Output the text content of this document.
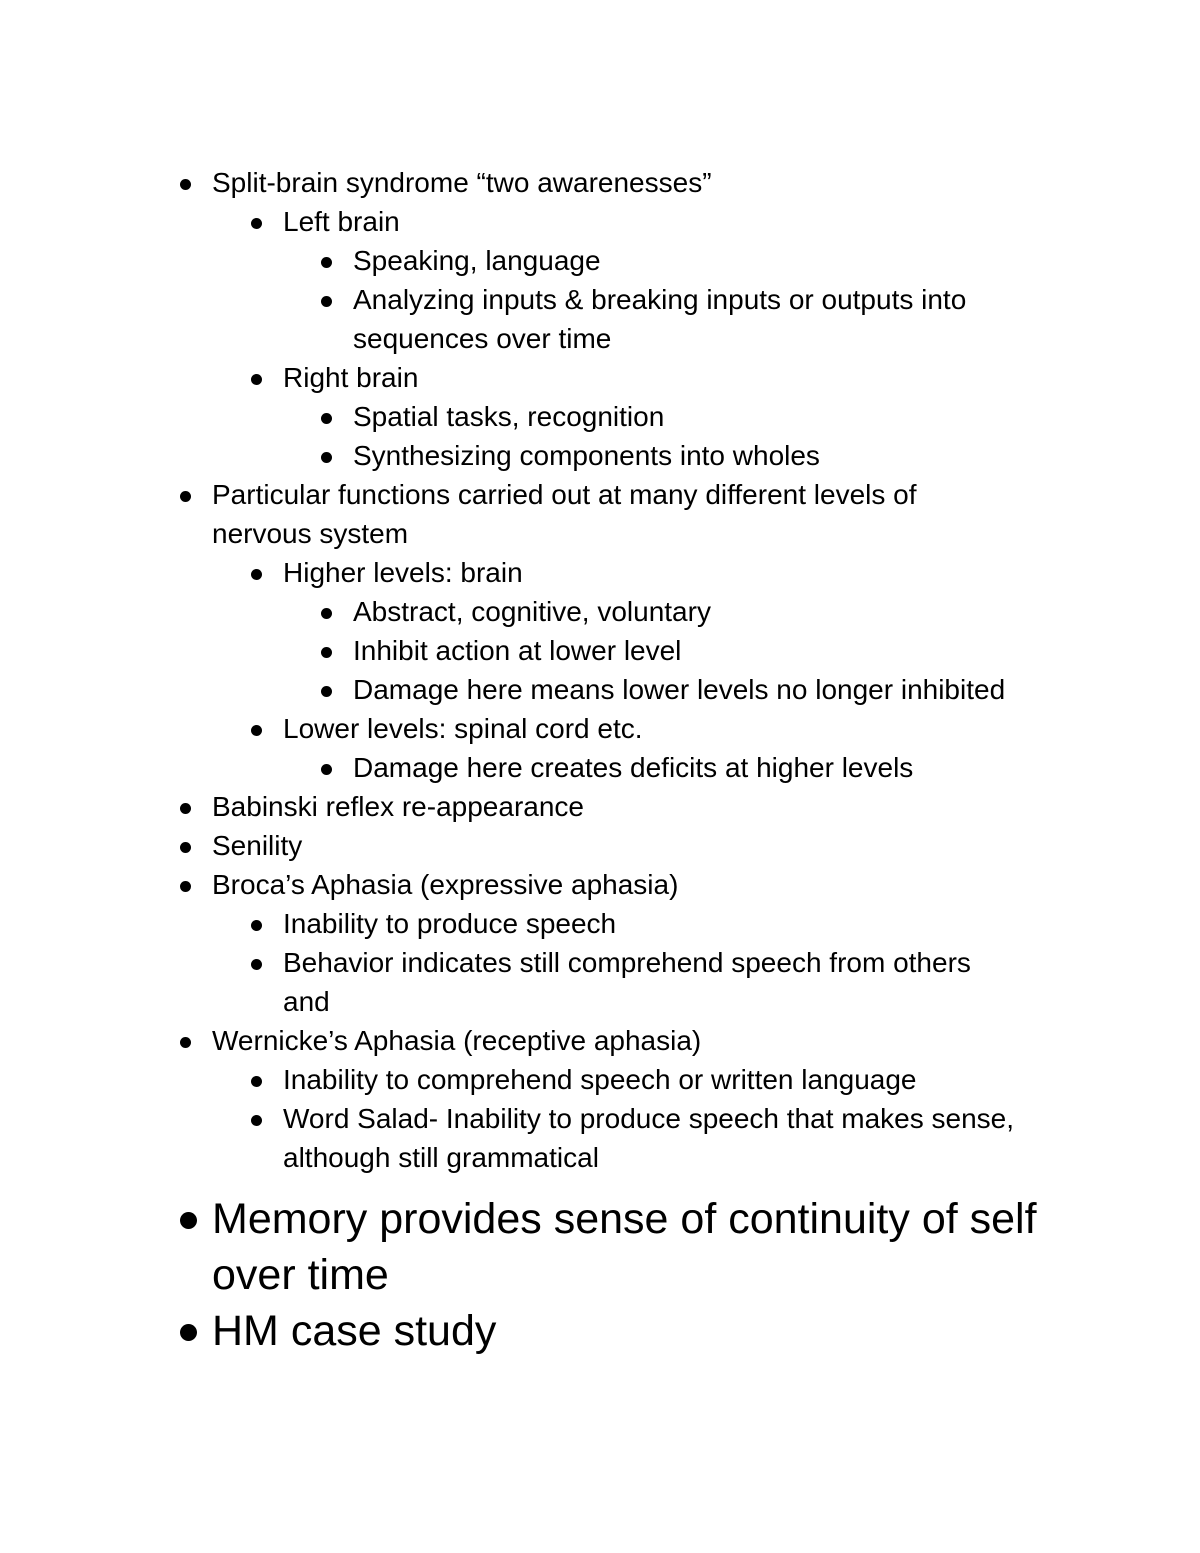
Split-brain syndrome “two awarenesses”
Left brain
Speaking, language
Analyzing inputs & breaking inputs or outputs into
sequences over time
Right brain
Spatial tasks, recognition
Synthesizing components into wholes
Particular functions carried out at many different levels of
nervous system
Higher levels: brain
Abstract, cognitive, voluntary
Inhibit action at lower level
Damage here means lower levels no longer inhibited
Lower levels: spinal cord etc.
Damage here creates deficits at higher levels
Babinski reflex re-appearance
Senility
Broca’s Aphasia (expressive aphasia)
Inability to produce speech
Behavior indicates still comprehend speech from others
and
Wernicke’s Aphasia (receptive aphasia)
Inability to comprehend speech or written language
Word Salad- Inability to produce speech that makes sense,
although still grammatical
Memory provides sense of continuity of self
over time
HM case study
